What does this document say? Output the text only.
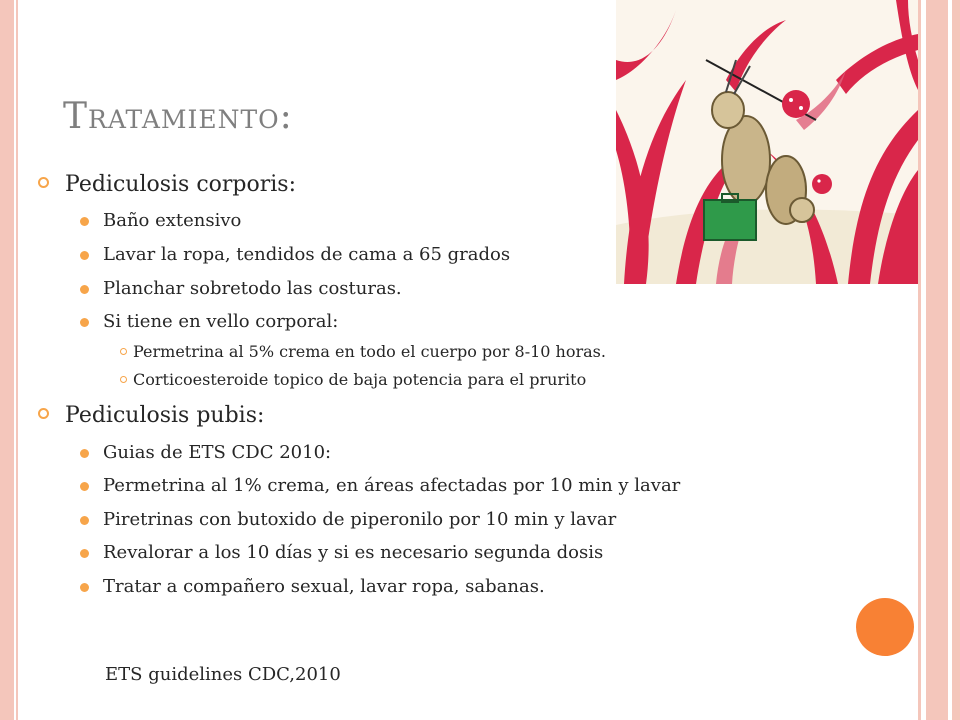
Tratamiento:
Pediculosis corporis:
Baño extensivo
Lavar la ropa, tendidos de cama a 65 grados
Planchar sobretodo las costuras.
Si tiene en vello corporal:
Permetrina al 5% crema en todo el cuerpo por 8-10 horas.
Corticoesteroide topico de baja potencia para el prurito
Pediculosis pubis:
Guias de ETS CDC 2010:
Permetrina al 1% crema, en áreas afectadas por 10 min y lavar
Piretrinas con butoxido de piperonilo por 10 min y lavar
Revalorar a los 10 días y si es necesario segunda dosis
Tratar a compañero sexual, lavar ropa, sabanas.
ETS guidelines CDC,2010
